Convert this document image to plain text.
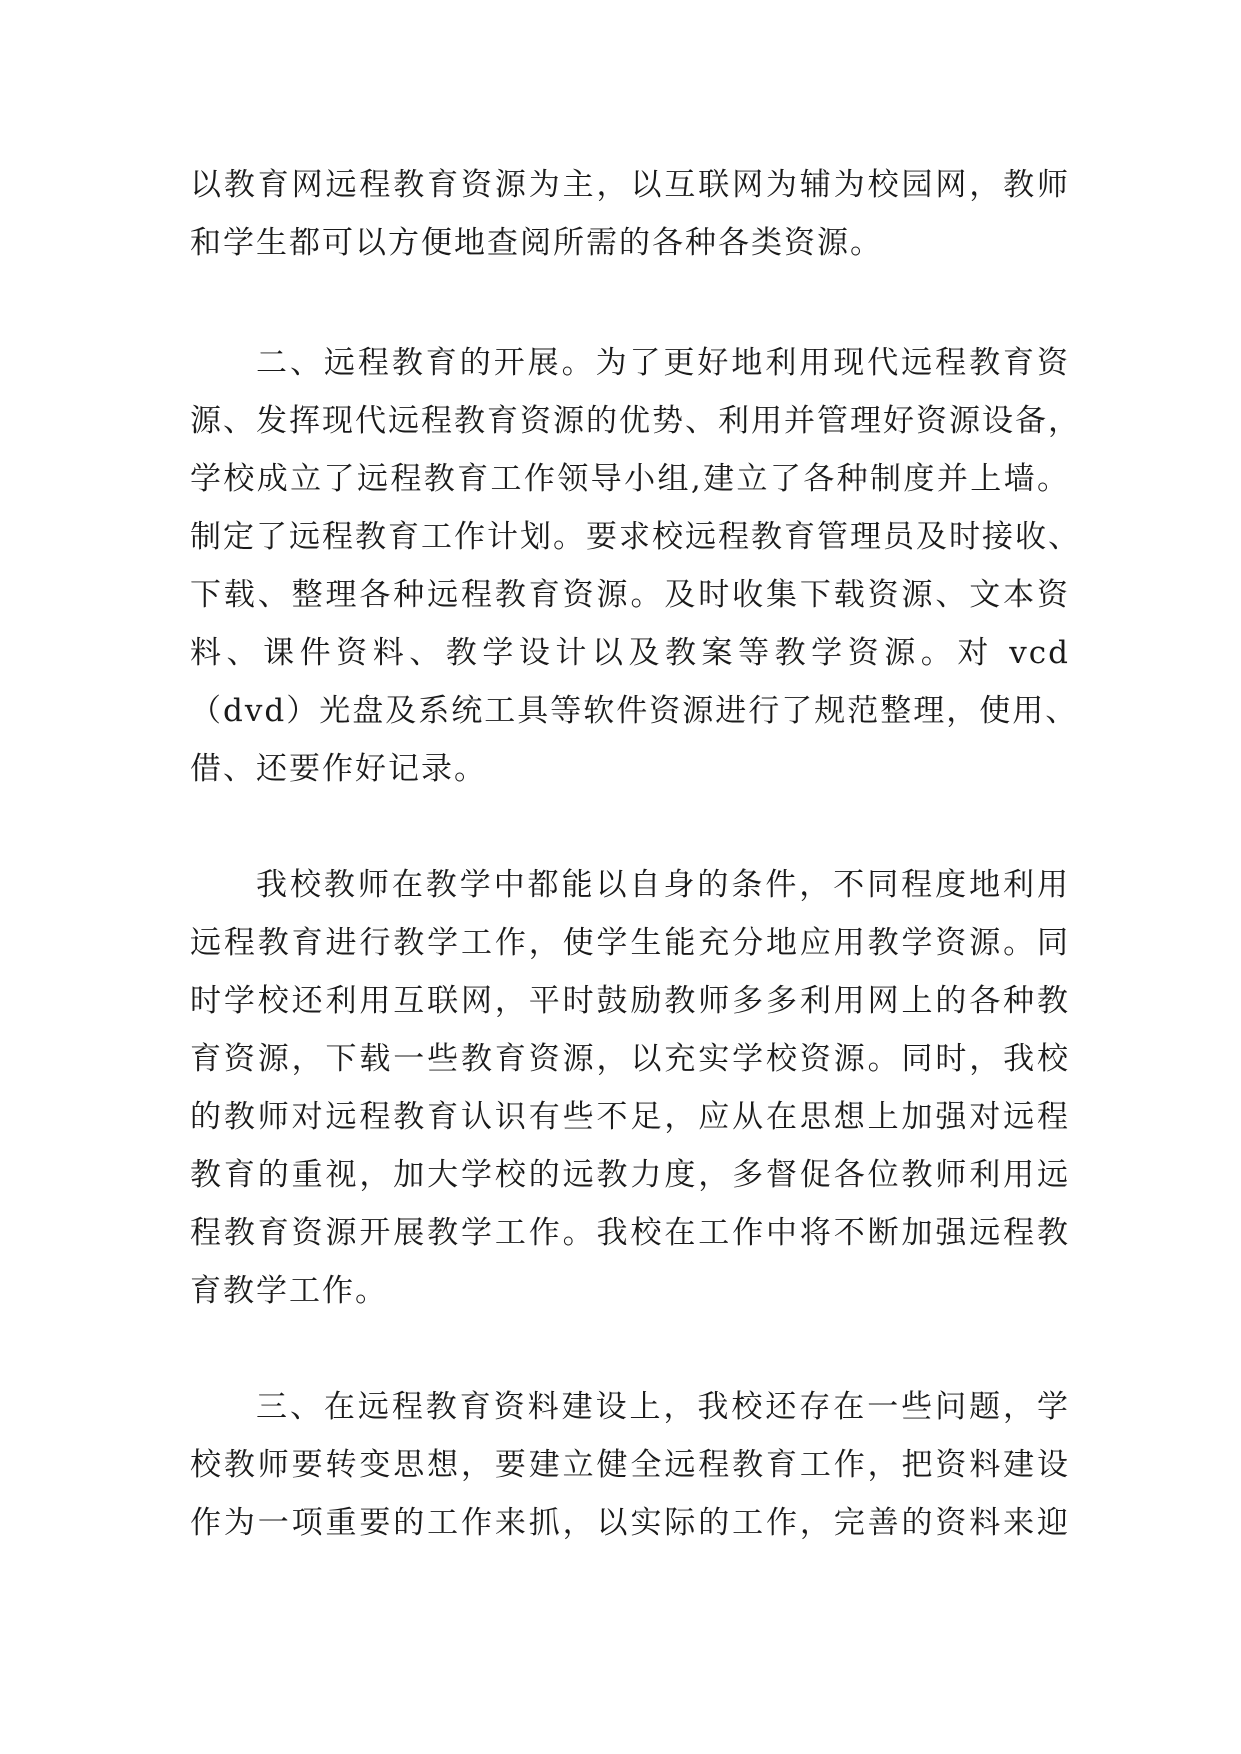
以教育网远程教育资源为主，以互联网为辅为校园网，教师
和学生都可以方便地查阅所需的各种各类资源。
二、远程教育的开展。为了更好地利用现代远程教育资
源、发挥现代远程教育资源的优势、利用并管理好资源设备，
学校成立了远程教育工作领导小组,建立了各种制度并上墙。
制定了远程教育工作计划。要求校远程教育管理员及时接收、
下载、整理各种远程教育资源。及时收集下载资源、文本资
料、课件资料、教学设计以及教案等教学资源。对 vcd
（dvd）光盘及系统工具等软件资源进行了规范整理，使用、
借、还要作好记录。
我校教师在教学中都能以自身的条件，不同程度地利用
远程教育进行教学工作，使学生能充分地应用教学资源。同
时学校还利用互联网，平时鼓励教师多多利用网上的各种教
育资源，下载一些教育资源，以充实学校资源。同时，我校
的教师对远程教育认识有些不足，应从在思想上加强对远程
教育的重视，加大学校的远教力度，多督促各位教师利用远
程教育资源开展教学工作。我校在工作中将不断加强远程教
育教学工作。
三、在远程教育资料建设上，我校还存在一些问题，学
校教师要转变思想，要建立健全远程教育工作，把资料建设
作为一项重要的工作来抓，以实际的工作，完善的资料来迎
